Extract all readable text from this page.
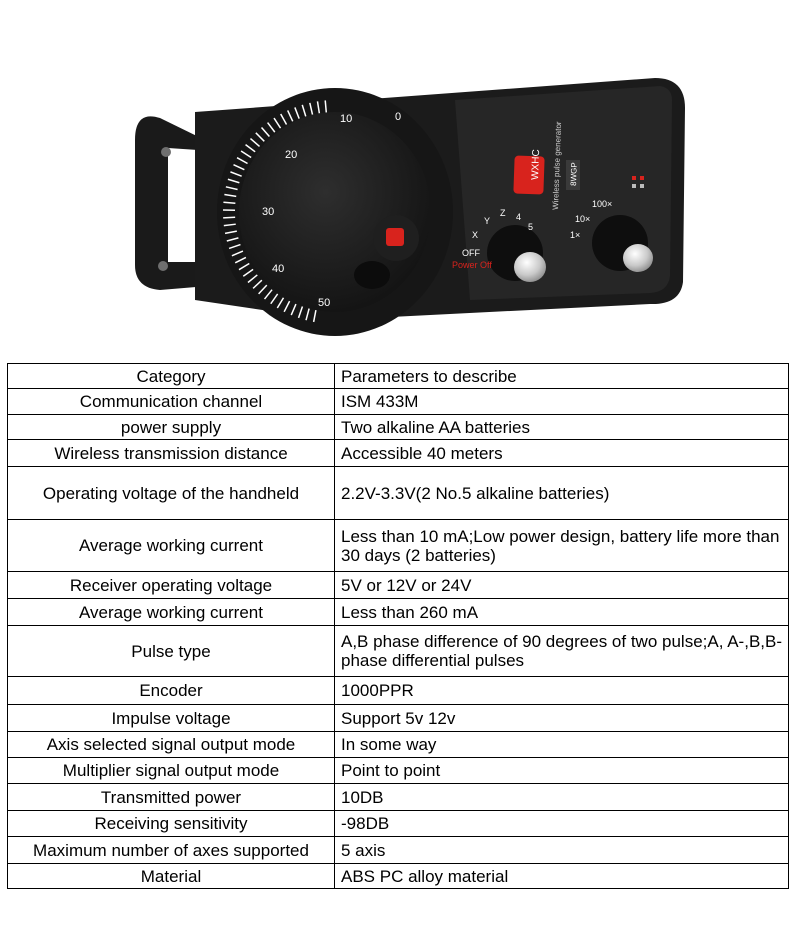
0
10
20
30
40
50
WXHC Wireless pulse generator 8WGP
Power Off
OFF
X
Y
Z 4
5
1×
10×
100×
Category	Parameters to describe
Communication channel	ISM 433M
power supply	Two alkaline AA batteries
Wireless transmission distance	Accessible 40 meters
Operating voltage of the handheld	2.2V-3.3V(2 No.5 alkaline batteries)
Average working current	Less than 10 mA;Low power design, battery life more than 30 days (2 batteries)
Receiver operating voltage	5V or 12V or 24V
Average working current	Less than 260 mA
Pulse type	A,B phase difference of 90 degrees of two pulse;A, A-,B,B- phase differential pulses
Encoder	1000PPR
Impulse voltage	Support 5v 12v
Axis selected signal output mode	In some way
Multiplier signal output mode	Point to point
Transmitted power	10DB
Receiving sensitivity	-98DB
Maximum number of axes supported	5 axis
Material	ABS PC alloy material
